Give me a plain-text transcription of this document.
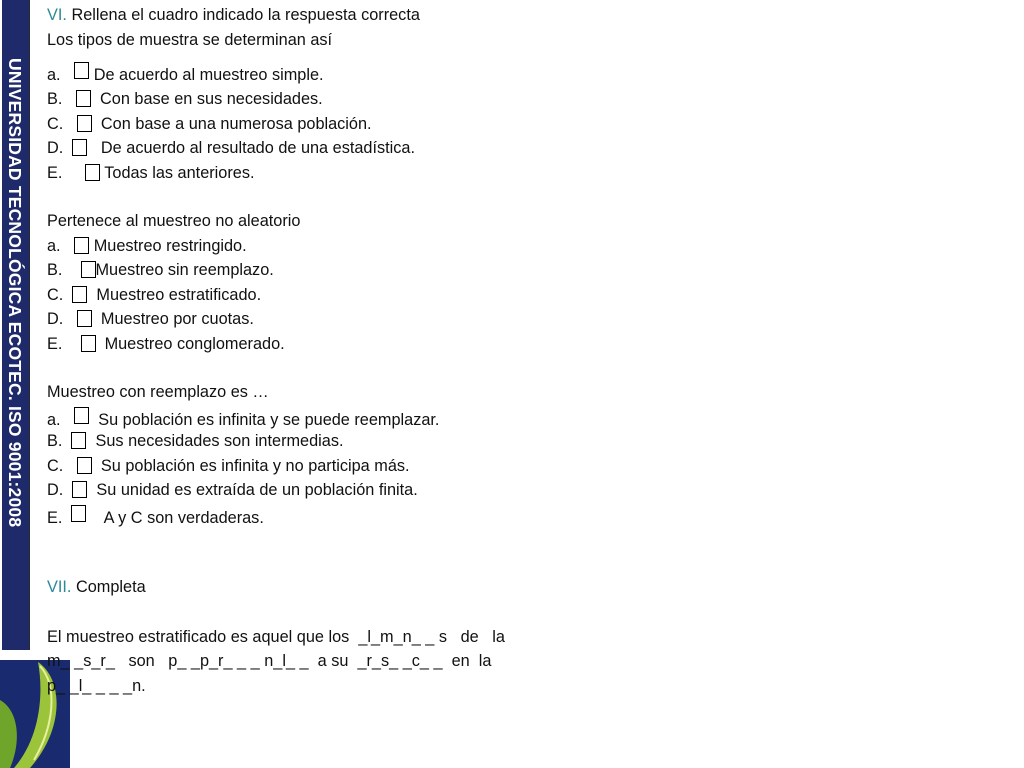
UNIVERSIDAD TECNOLÓGICA ECOTEC. ISO 9001:2008
VI. Rellena el cuadro indicado la respuesta correcta
Los tipos de muestra se determinan así
a. De acuerdo al muestreo simple.
B. Con base en sus necesidades.
C. Con base a una numerosa población.
D. De acuerdo al resultado de una estadística.
E.	Todas las anteriores.
Pertenece al muestreo no aleatorio
a. Muestreo restringido.
B. Muestreo sin reemplazo.
C. Muestreo estratificado.
D. Muestreo por cuotas.
E.	Muestreo conglomerado.
Muestreo con reemplazo es …
a. Su población es infinita y se puede reemplazar.
B. Sus necesidades son intermedias.
C. Su población es infinita y no participa más.
D. Su unidad es extraída de un población finita.
E.	A y C son verdaderas.
VII. Completa
El muestreo estratificado es aquel que los  _l_m_n_ _ s   de   la
m_ _s_r_   son   p_ _p_r_ _ _ n_l_ _  a su  _r_s_ _c_ _  en  la
p_ _l_ _ _ _n.
